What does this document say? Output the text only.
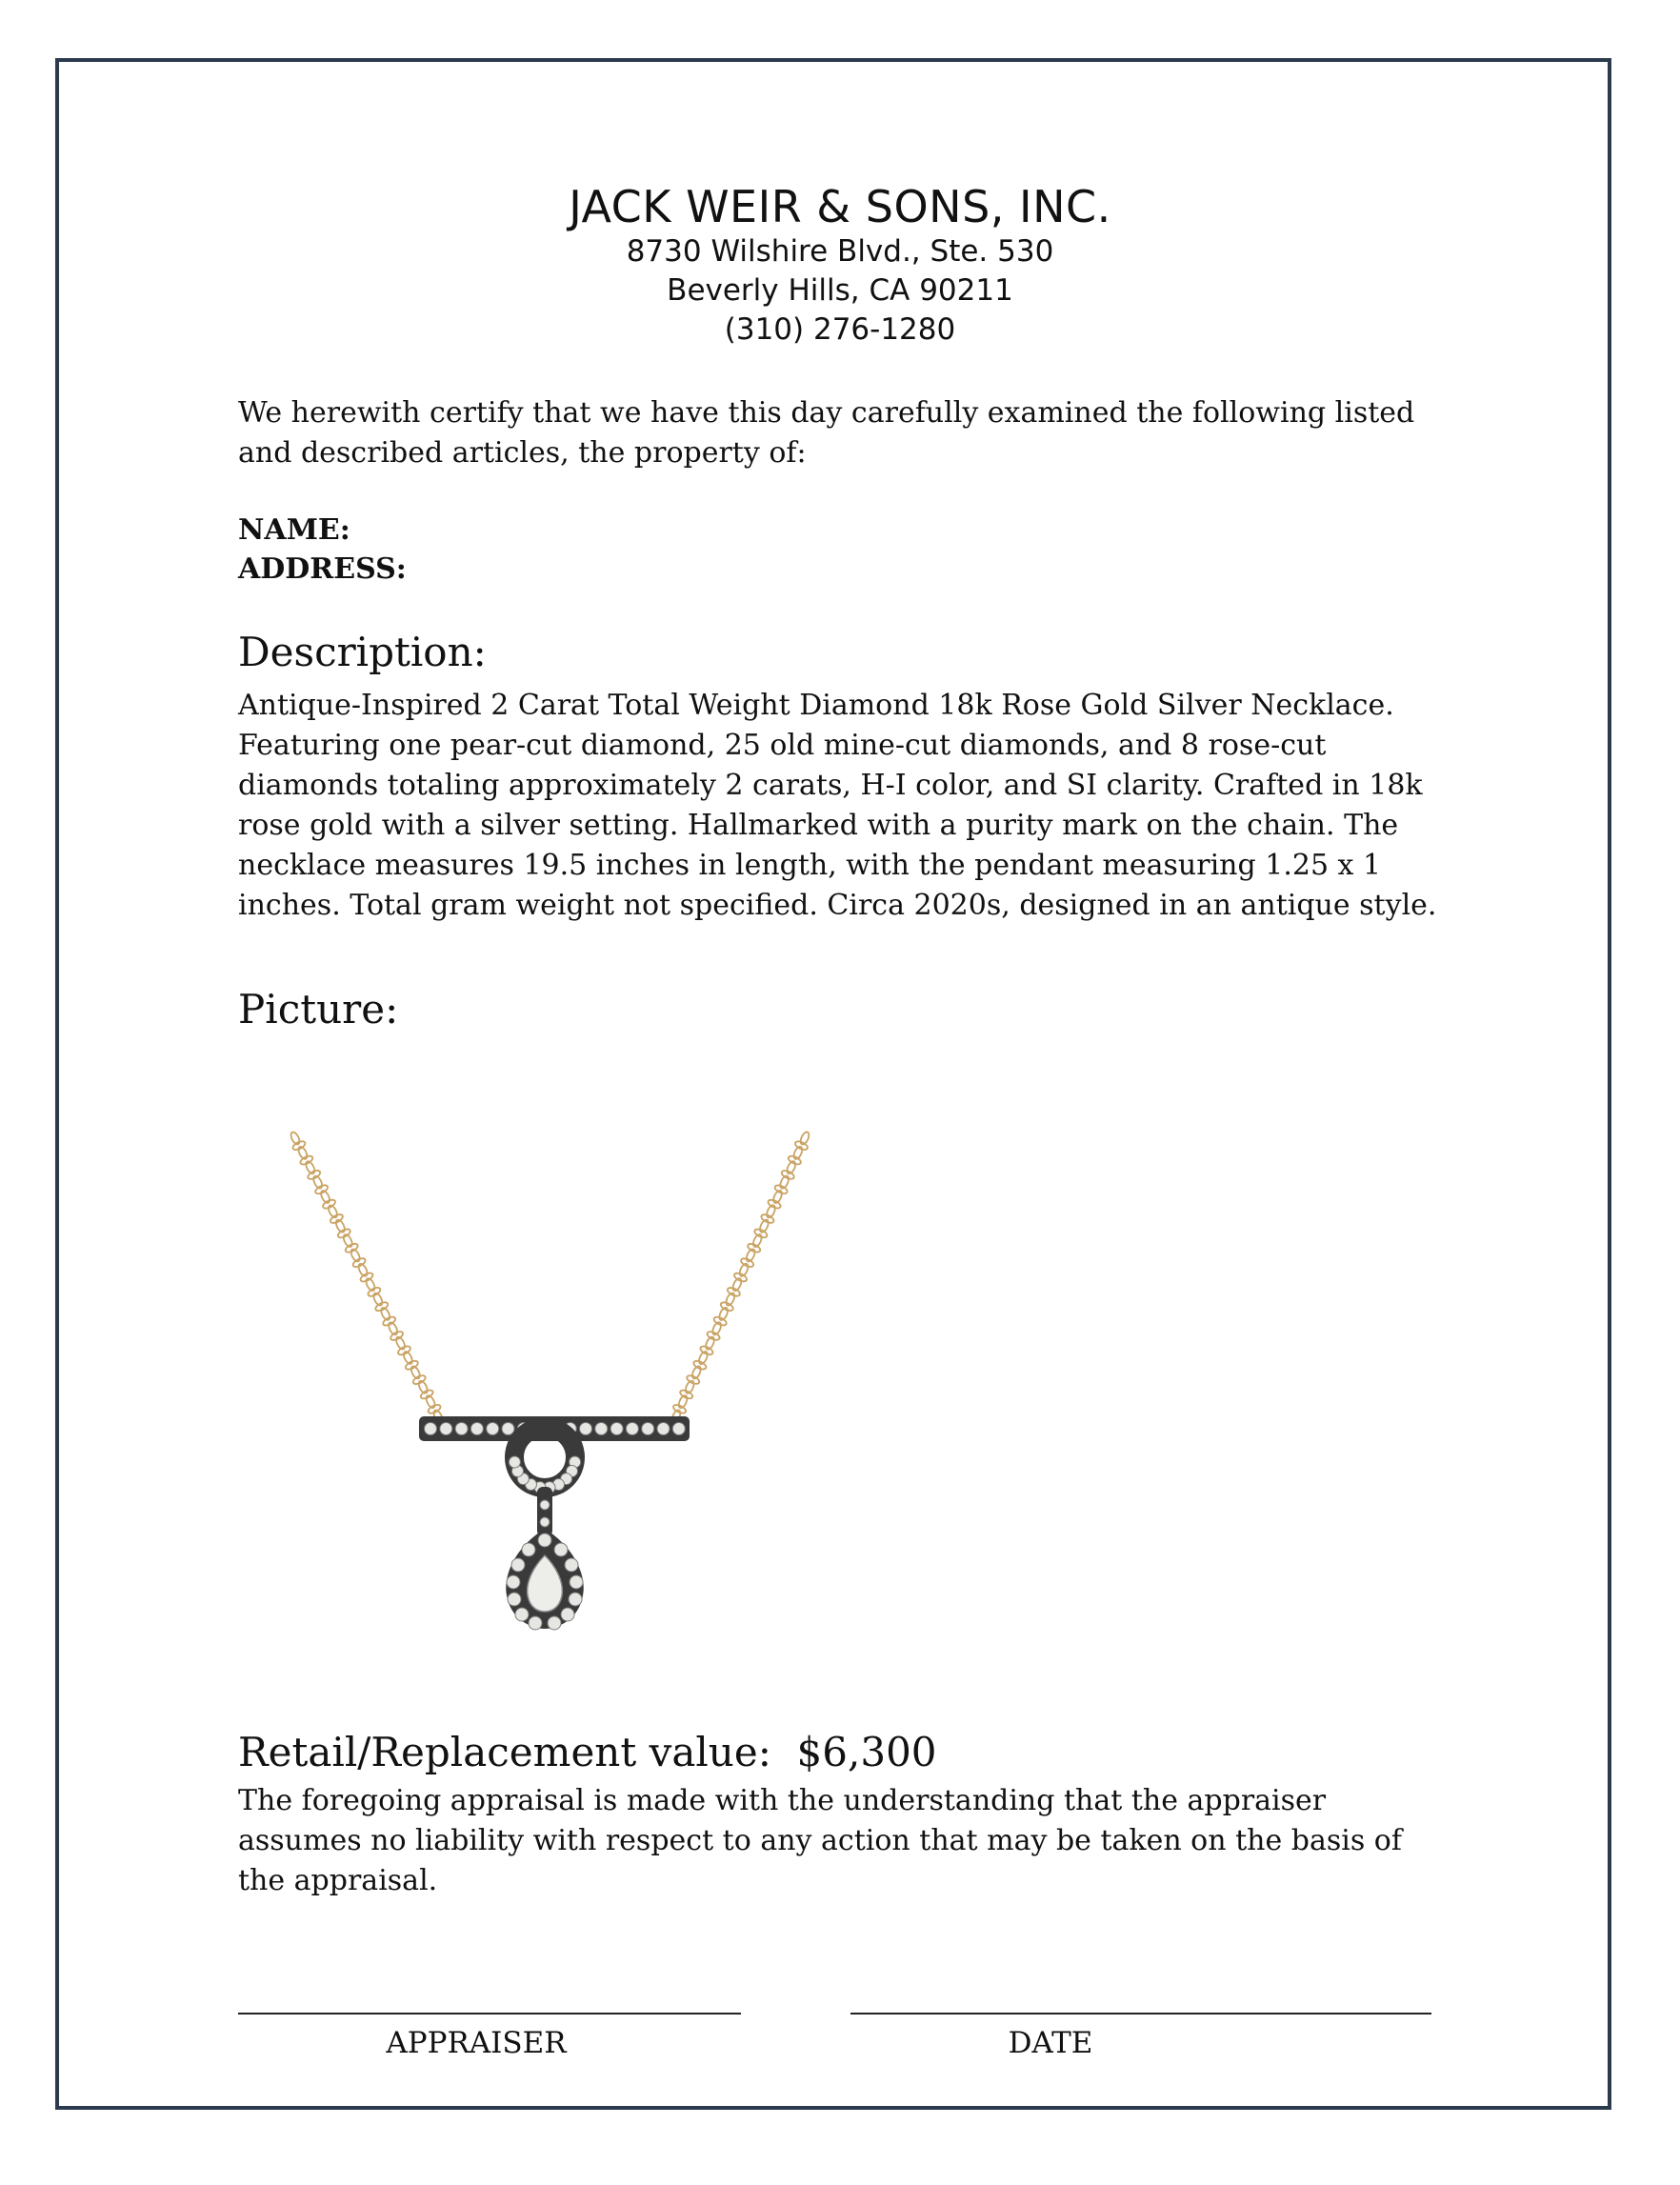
JACK WEIR & SONS, INC.
8730 Wilshire Blvd., Ste. 530
Beverly Hills, CA 90211
(310) 276-1280
We herewith certify that we have this day carefully examined the following listed and described articles, the property of:
NAME:
ADDRESS:
Description:
Antique-Inspired 2 Carat Total Weight Diamond 18k Rose Gold Silver Necklace. Featuring one pear-cut diamond, 25 old mine-cut diamonds, and 8 rose-cut diamonds totaling approximately 2 carats, H-I color, and SI clarity. Crafted in 18k rose gold with a silver setting. Hallmarked with a purity mark on the chain. The necklace measures 19.5 inches in length, with the pendant measuring 1.25 x 1 inches. Total gram weight not specified. Circa 2020s, designed in an antique style.
Picture:
Retail/Replacement value: $6,300
The foregoing appraisal is made with the understanding that the appraiser assumes no liability with respect to any action that may be taken on the basis of the appraisal.
APPRAISER	DATE
